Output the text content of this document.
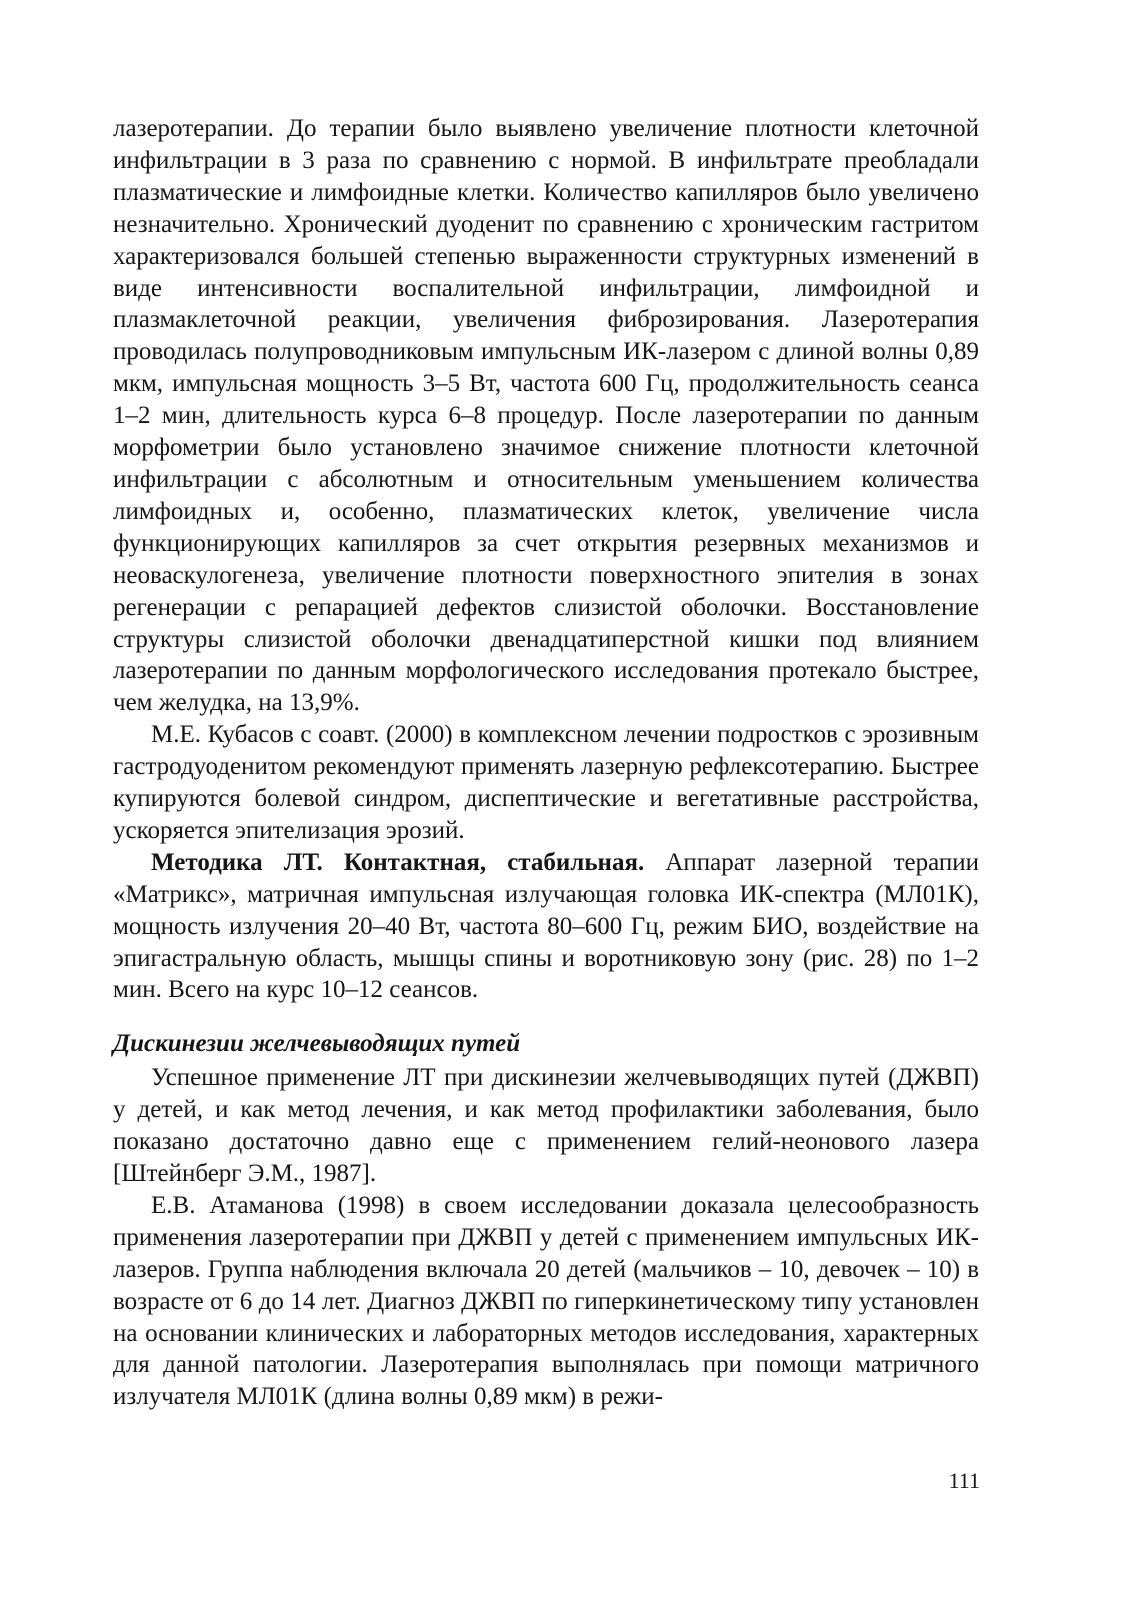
лазеротерапии. До терапии было выявлено увеличение плотности клеточной инфильтрации в 3 раза по сравнению с нормой. В инфильтрате преобладали плазматические и лимфоидные клетки. Количество капилляров было увеличено незначительно. Хронический дуоденит по сравнению с хроническим гастритом характеризовался большей степенью выраженности структурных изменений в виде интенсивности воспалительной инфильтрации, лимфоидной и плазмаклеточной реакции, увеличения фиброзирования. Лазеротерапия проводилась полупроводниковым импульсным ИК-лазером с длиной волны 0,89 мкм, импульсная мощность 3–5 Вт, частота 600 Гц, продолжительность сеанса 1–2 мин, длительность курса 6–8 процедур. После лазеротерапии по данным морфометрии было установлено значимое снижение плотности клеточной инфильтрации с абсолютным и относительным уменьшением количества лимфоидных и, особенно, плазматических клеток, увеличение числа функционирующих капилляров за счет открытия резервных механизмов и неоваскулогенеза, увеличение плотности поверхностного эпителия в зонах регенерации с репарацией дефектов слизистой оболочки. Восстановление структуры слизистой оболочки двенадцатиперстной кишки под влиянием лазеротерапии по данным морфологического исследования протекало быстрее, чем желудка, на 13,9%.

М.Е. Кубасов с соавт. (2000) в комплексном лечении подростков с эрозивным гастродуоденитом рекомендуют применять лазерную рефлексотерапию. Быстрее купируются болевой синдром, диспептические и вегетативные расстройства, ускоряется эпителизация эрозий.

Методика ЛТ. Контактная, стабильная. Аппарат лазерной терапии «Матрикс», матричная импульсная излучающая головка ИК-спектра (МЛ01К), мощность излучения 20–40 Вт, частота 80–600 Гц, режим БИО, воздействие на эпигастральную область, мышцы спины и воротниковую зону (рис. 28) по 1–2 мин. Всего на курс 10–12 сеансов.

Дискинезии желчевыводящих путей

Успешное применение ЛТ при дискинезии желчевыводящих путей (ДЖВП) у детей, и как метод лечения, и как метод профилактики заболевания, было показано достаточно давно еще с применением гелий-неонового лазера [Штейнберг Э.М., 1987].

Е.В. Атаманова (1998) в своем исследовании доказала целесообразность применения лазеротерапии при ДЖВП у детей с применением импульсных ИК-лазеров. Группа наблюдения включала 20 детей (мальчиков – 10, девочек – 10) в возрасте от 6 до 14 лет. Диагноз ДЖВП по гиперкинетическому типу установлен на основании клинических и лабораторных методов исследования, характерных для данной патологии. Лазеротерапия выполнялась при помощи матричного излучателя МЛ01К (длина волны 0,89 мкм) в режи-

111
